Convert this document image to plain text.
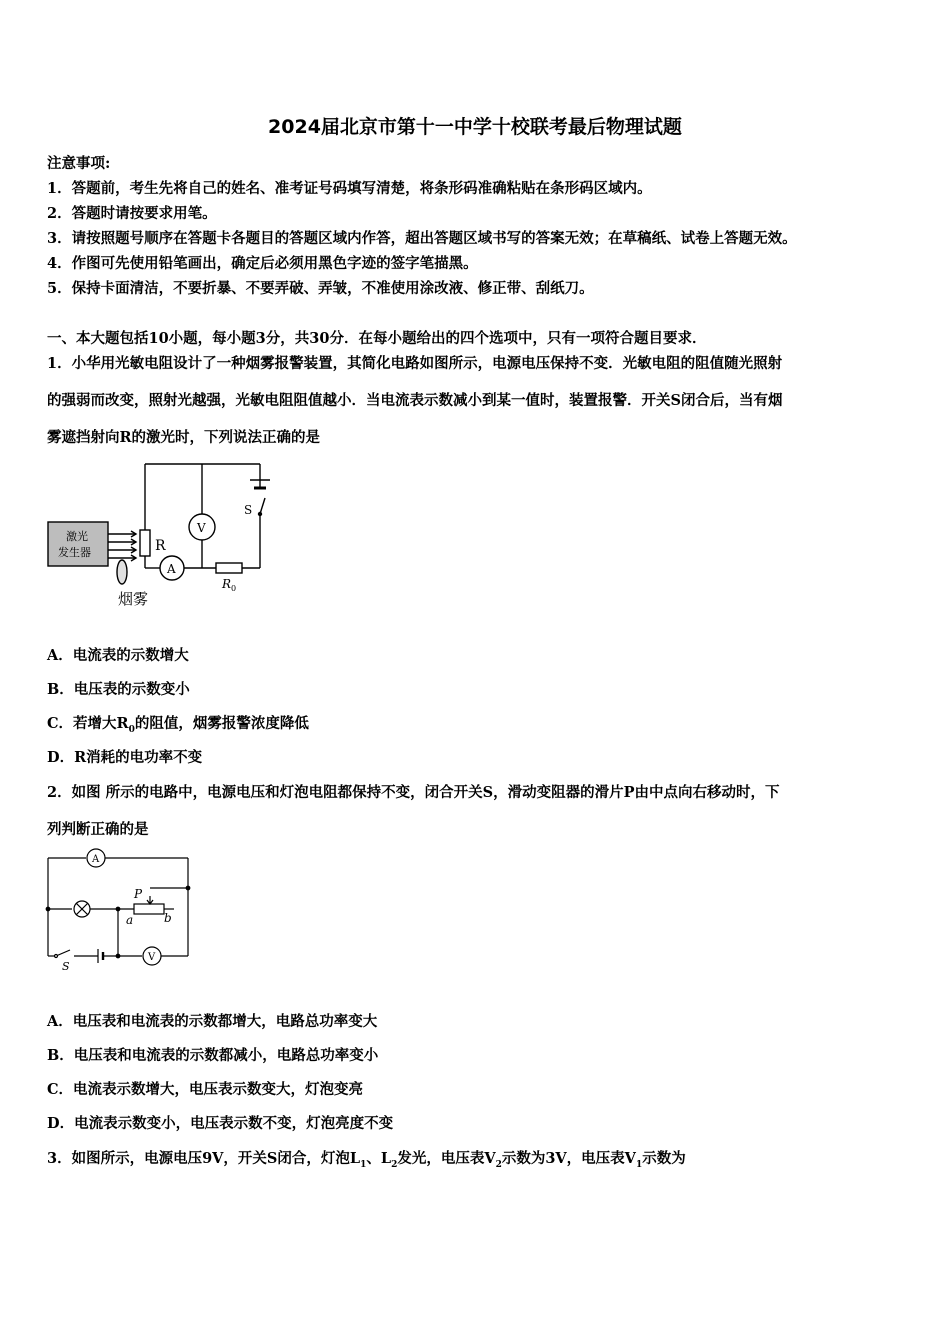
2024届北京市第十一中学十校联考最后物理试题
注意事项:
1．答题前，考生先将自己的姓名、准考证号码填写清楚，将条形码准确粘贴在条形码区域内。
2．答题时请按要求用笔。
3．请按照题号顺序在答题卡各题目的答题区域内作答，超出答题区域书写的答案无效；在草稿纸、试卷上答题无效。
4．作图可先使用铅笔画出，确定后必须用黑色字迹的签字笔描黑。
5．保持卡面清洁，不要折暴、不要弄破、弄皱，不准使用涂改液、修正带、刮纸刀。
一、本大题包括10小题，每小题3分，共30分．在每小题给出的四个选项中，只有一项符合题目要求．
1．小华用光敏电阻设计了一种烟雾报警装置，其简化电路如图所示，电源电压保持不变．光敏电阻的阻值随光照射
的强弱而改变，照射光越强，光敏电阻阻值越小．当电流表示数减小到某一值时，装置报警．开关S闭合后，当有烟
雾遮挡射向R的激光时，下列说法正确的是
激光
发生器	R
V
A
S
R 0
烟雾
A．电流表的示数增大
B．电压表的示数变小
C．若增大$R_0$的阻值，烟雾报警浓度降低
D．R消耗的电功率不变
2．如图 所示的电路中，电源电压和灯泡电阻都保持不变，闭合开关S，滑动变阻器的滑片P由中点向右移动时，下
列判断正确的是
A
V
P
a	b
S
A．电压表和电流表的示数都增大，电路总功率变大
B．电压表和电流表的示数都减小，电路总功率变小
C．电流表示数增大，电压表示数变大，灯泡变亮
D．电流表示数变小，电压表示数不变，灯泡亮度不变
3．如图所示，电源电压9V，开关S闭合，灯泡$L_1$、$L_2$发光，电压表$V_2$示数为3V，电压表$V_1$示数为
